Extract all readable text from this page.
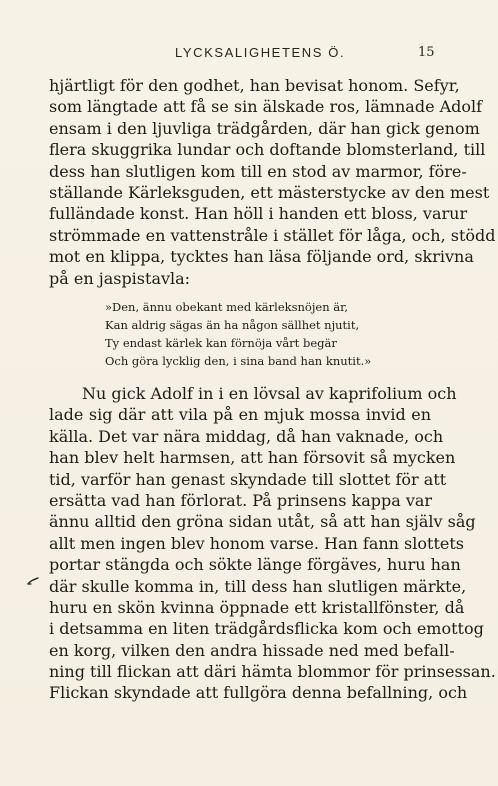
LYCKSALIGHETENS Ö.	15
hjärtligt för den godhet, han bevisat honom. Sefyr,
som längtade att få se sin älskade ros, lämnade Adolf
ensam i den ljuvliga trädgården, där han gick genom
flera skuggrika lundar och doftande blomsterland, till
dess han slutligen kom till en stod av marmor, före-
ställande Kärleksguden, ett mästerstycke av den mest
fulländade konst. Han höll i handen ett bloss, varur
strömmade en vattenstråle i stället för låga, och, stödd
mot en klippa, tycktes han läsa följande ord, skrivna
på en jaspistavla:
»Den, ännu obekant med kärleksnöjen är,
Kan aldrig sägas än ha någon sällhet njutit,
Ty endast kärlek kan förnöja vårt begär
Och göra lycklig den, i sina band han knutit.»
Nu gick Adolf in i en lövsal av kaprifolium och
lade sig där att vila på en mjuk mossa invid en
källa. Det var nära middag, då han vaknade, och
han blev helt harmsen, att han försovit så mycken
tid, varför han genast skyndade till slottet för att
ersätta vad han förlorat. På prinsens kappa var
ännu alltid den gröna sidan utåt, så att han själv såg
allt men ingen blev honom varse. Han fann slottets
portar stängda och sökte länge förgäves, huru han
där skulle komma in, till dess han slutligen märkte,
huru en skön kvinna öppnade ett kristallfönster, då
i detsamma en liten trädgårdsflicka kom och emottog
en korg, vilken den andra hissade ned med befall-
ning till flickan att däri hämta blommor för prinsessan.
Flickan skyndade att fullgöra denna befallning, och
